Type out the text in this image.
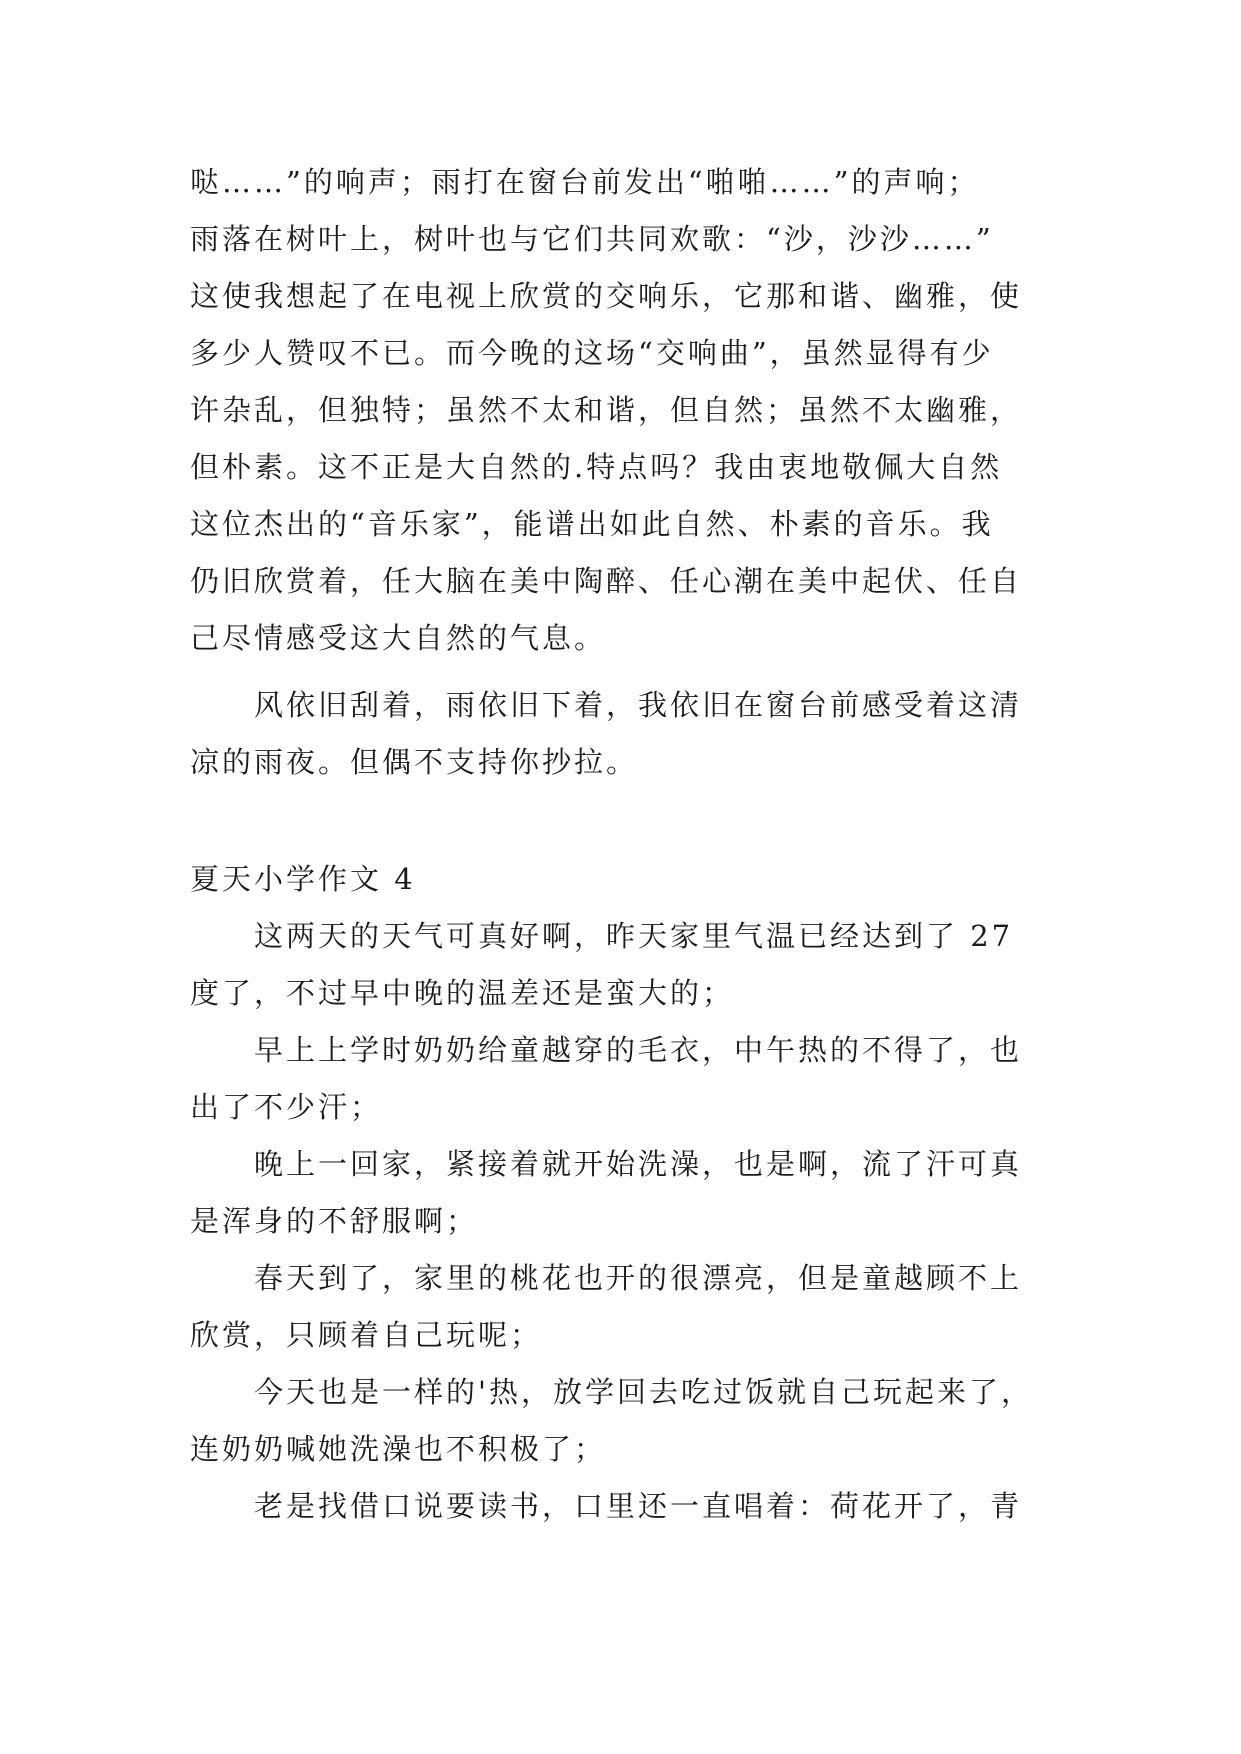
哒……”的响声；雨打在窗台前发出“啪啪……”的声响；
雨落在树叶上，树叶也与它们共同欢歌：“沙，沙沙……”
这使我想起了在电视上欣赏的交响乐，它那和谐、幽雅，使
多少人赞叹不已。而今晚的这场“交响曲”，虽然显得有少
许杂乱，但独特；虽然不太和谐，但自然；虽然不太幽雅，
但朴素。这不正是大自然的.特点吗？我由衷地敬佩大自然
这位杰出的“音乐家”，能谱出如此自然、朴素的音乐。我
仍旧欣赏着，任大脑在美中陶醉、任心潮在美中起伏、任自
己尽情感受这大自然的气息。
风依旧刮着，雨依旧下着，我依旧在窗台前感受着这清
凉的雨夜。但偶不支持你抄拉。
夏天小学作文 4
这两天的天气可真好啊，昨天家里气温已经达到了 27
度了，不过早中晚的温差还是蛮大的；
早上上学时奶奶给童越穿的毛衣，中午热的不得了，也
出了不少汗；
晚上一回家，紧接着就开始洗澡，也是啊，流了汗可真
是浑身的不舒服啊；
春天到了，家里的桃花也开的很漂亮，但是童越顾不上
欣赏，只顾着自己玩呢；
今天也是一样的'热，放学回去吃过饭就自己玩起来了，
连奶奶喊她洗澡也不积极了；
老是找借口说要读书，口里还一直唱着：荷花开了，青
